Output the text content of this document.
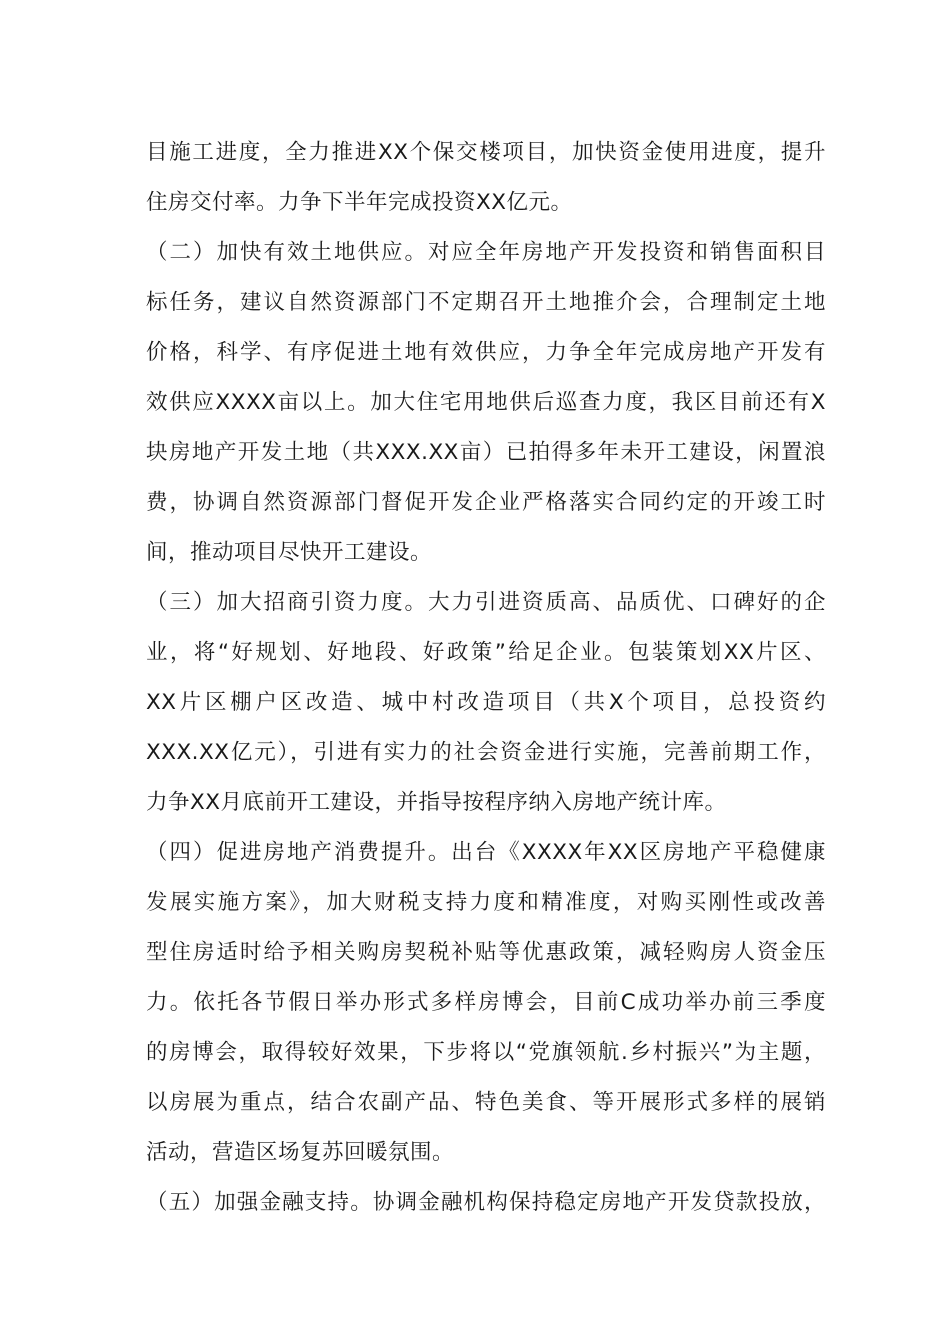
目施工进度，全力推进XX个保交楼项目，加快资金使用进度，提升
住房交付率。力争下半年完成投资XX亿元。
（二）加快有效土地供应。对应全年房地产开发投资和销售面积目
标任务，建议自然资源部门不定期召开土地推介会，合理制定土地
价格，科学、有序促进土地有效供应，力争全年完成房地产开发有
效供应XXXX亩以上。加大住宅用地供后巡查力度，我区目前还有X
块房地产开发土地（共XXX.XX亩）已拍得多年未开工建设，闲置浪
费，协调自然资源部门督促开发企业严格落实合同约定的开竣工时
间，推动项目尽快开工建设。
（三）加大招商引资力度。大力引进资质高、品质优、口碑好的企
业，将“好规划、好地段、好政策”给足企业。包装策划XX片区、
XX片区棚户区改造、城中村改造项目（共X个项目，总投资约
XXX.XX亿元），引进有实力的社会资金进行实施，完善前期工作，
力争XX月底前开工建设，并指导按程序纳入房地产统计库。
（四）促进房地产消费提升。出台《XXXX年XX区房地产平稳健康
发展实施方案》，加大财税支持力度和精准度，对购买刚性或改善
型住房适时给予相关购房契税补贴等优惠政策，减轻购房人资金压
力。依托各节假日举办形式多样房博会，目前C成功举办前三季度
的房博会，取得较好效果，下步将以“党旗领航.乡村振兴”为主题，
以房展为重点，结合农副产品、特色美食、等开展形式多样的展销
活动，营造区场复苏回暖氛围。
（五）加强金融支持。协调金融机构保持稳定房地产开发贷款投放，
